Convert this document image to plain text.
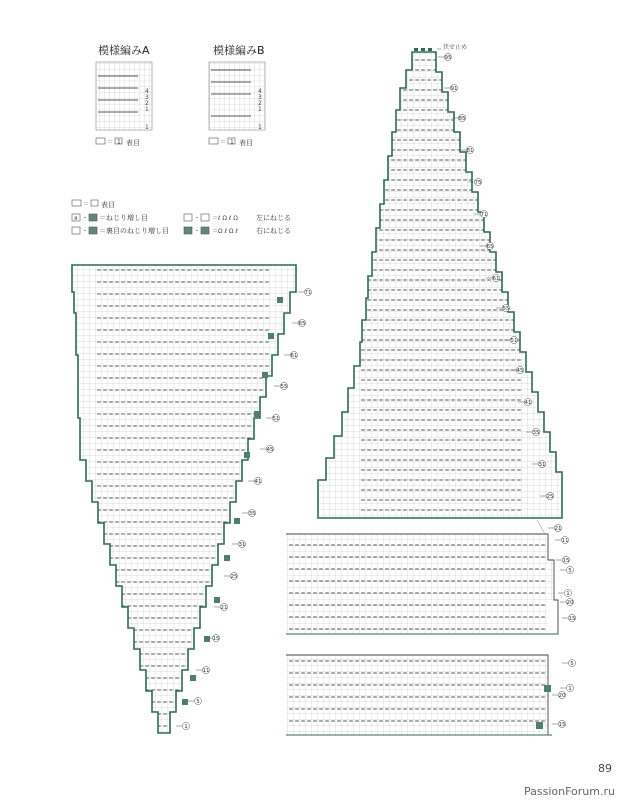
模様編みA
4
3
2
1
1
＝ 1 表目
模様編みB
4
3
2
1
1
＝ 1 表目
＝ 表目
ᴙ ・ ＝ねじり増し目
・ ＝裏目のねじり増し目
・ ＝ℓ Ω ℓ Ω	左にねじる
・ ＝Ω ℓ Ω ℓ	右にねじる
71
65
61
55
51
45
41
35
31
25
21
15
11
5
1
伏せ止め
95
91
85
81
75
71
65
61
55
51
45
41
35
31
25
21
15
11
5
1
20
15
5
1
20
15
89
PassionForum.ru
